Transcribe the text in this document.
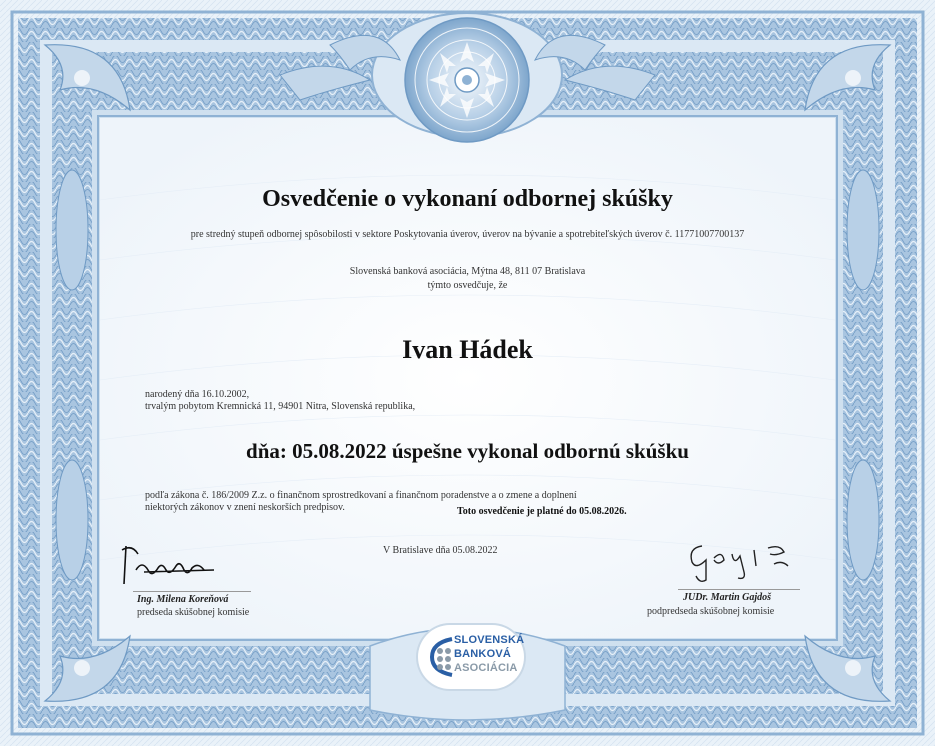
Osvedčenie o vykonaní odbornej skúšky
pre stredný stupeň odbornej spôsobilosti v sektore Poskytovania úverov, úverov na bývanie a spotrebiteľských úverov č. 11771007700137
Slovenská banková asociácia, Mýtna 48, 811 07 Bratislava
týmto osvedčuje, že
Ivan Hádek
narodený dňa 16.10.2002,
trvalým pobytom Kremnická 11, 94901 Nitra, Slovenská republika,
dňa: 05.08.2022 úspešne vykonal odbornú skúšku
podľa zákona č. 186/2009 Z.z. o finančnom sprostredkovaní a finančnom poradenstve a o zmene a doplnení
niektorých zákonov v znení neskorších predpisov.	Toto osvedčenie je platné do 05.08.2026.
V Bratislave dňa 05.08.2022
Ing. Milena Koreňová
predseda skúšobnej komisie
JUDr. Martin Gajdoš
podpredseda skúšobnej komisie
SLOVENSKÁ
BANKOVÁ
ASOCIÁCIA
